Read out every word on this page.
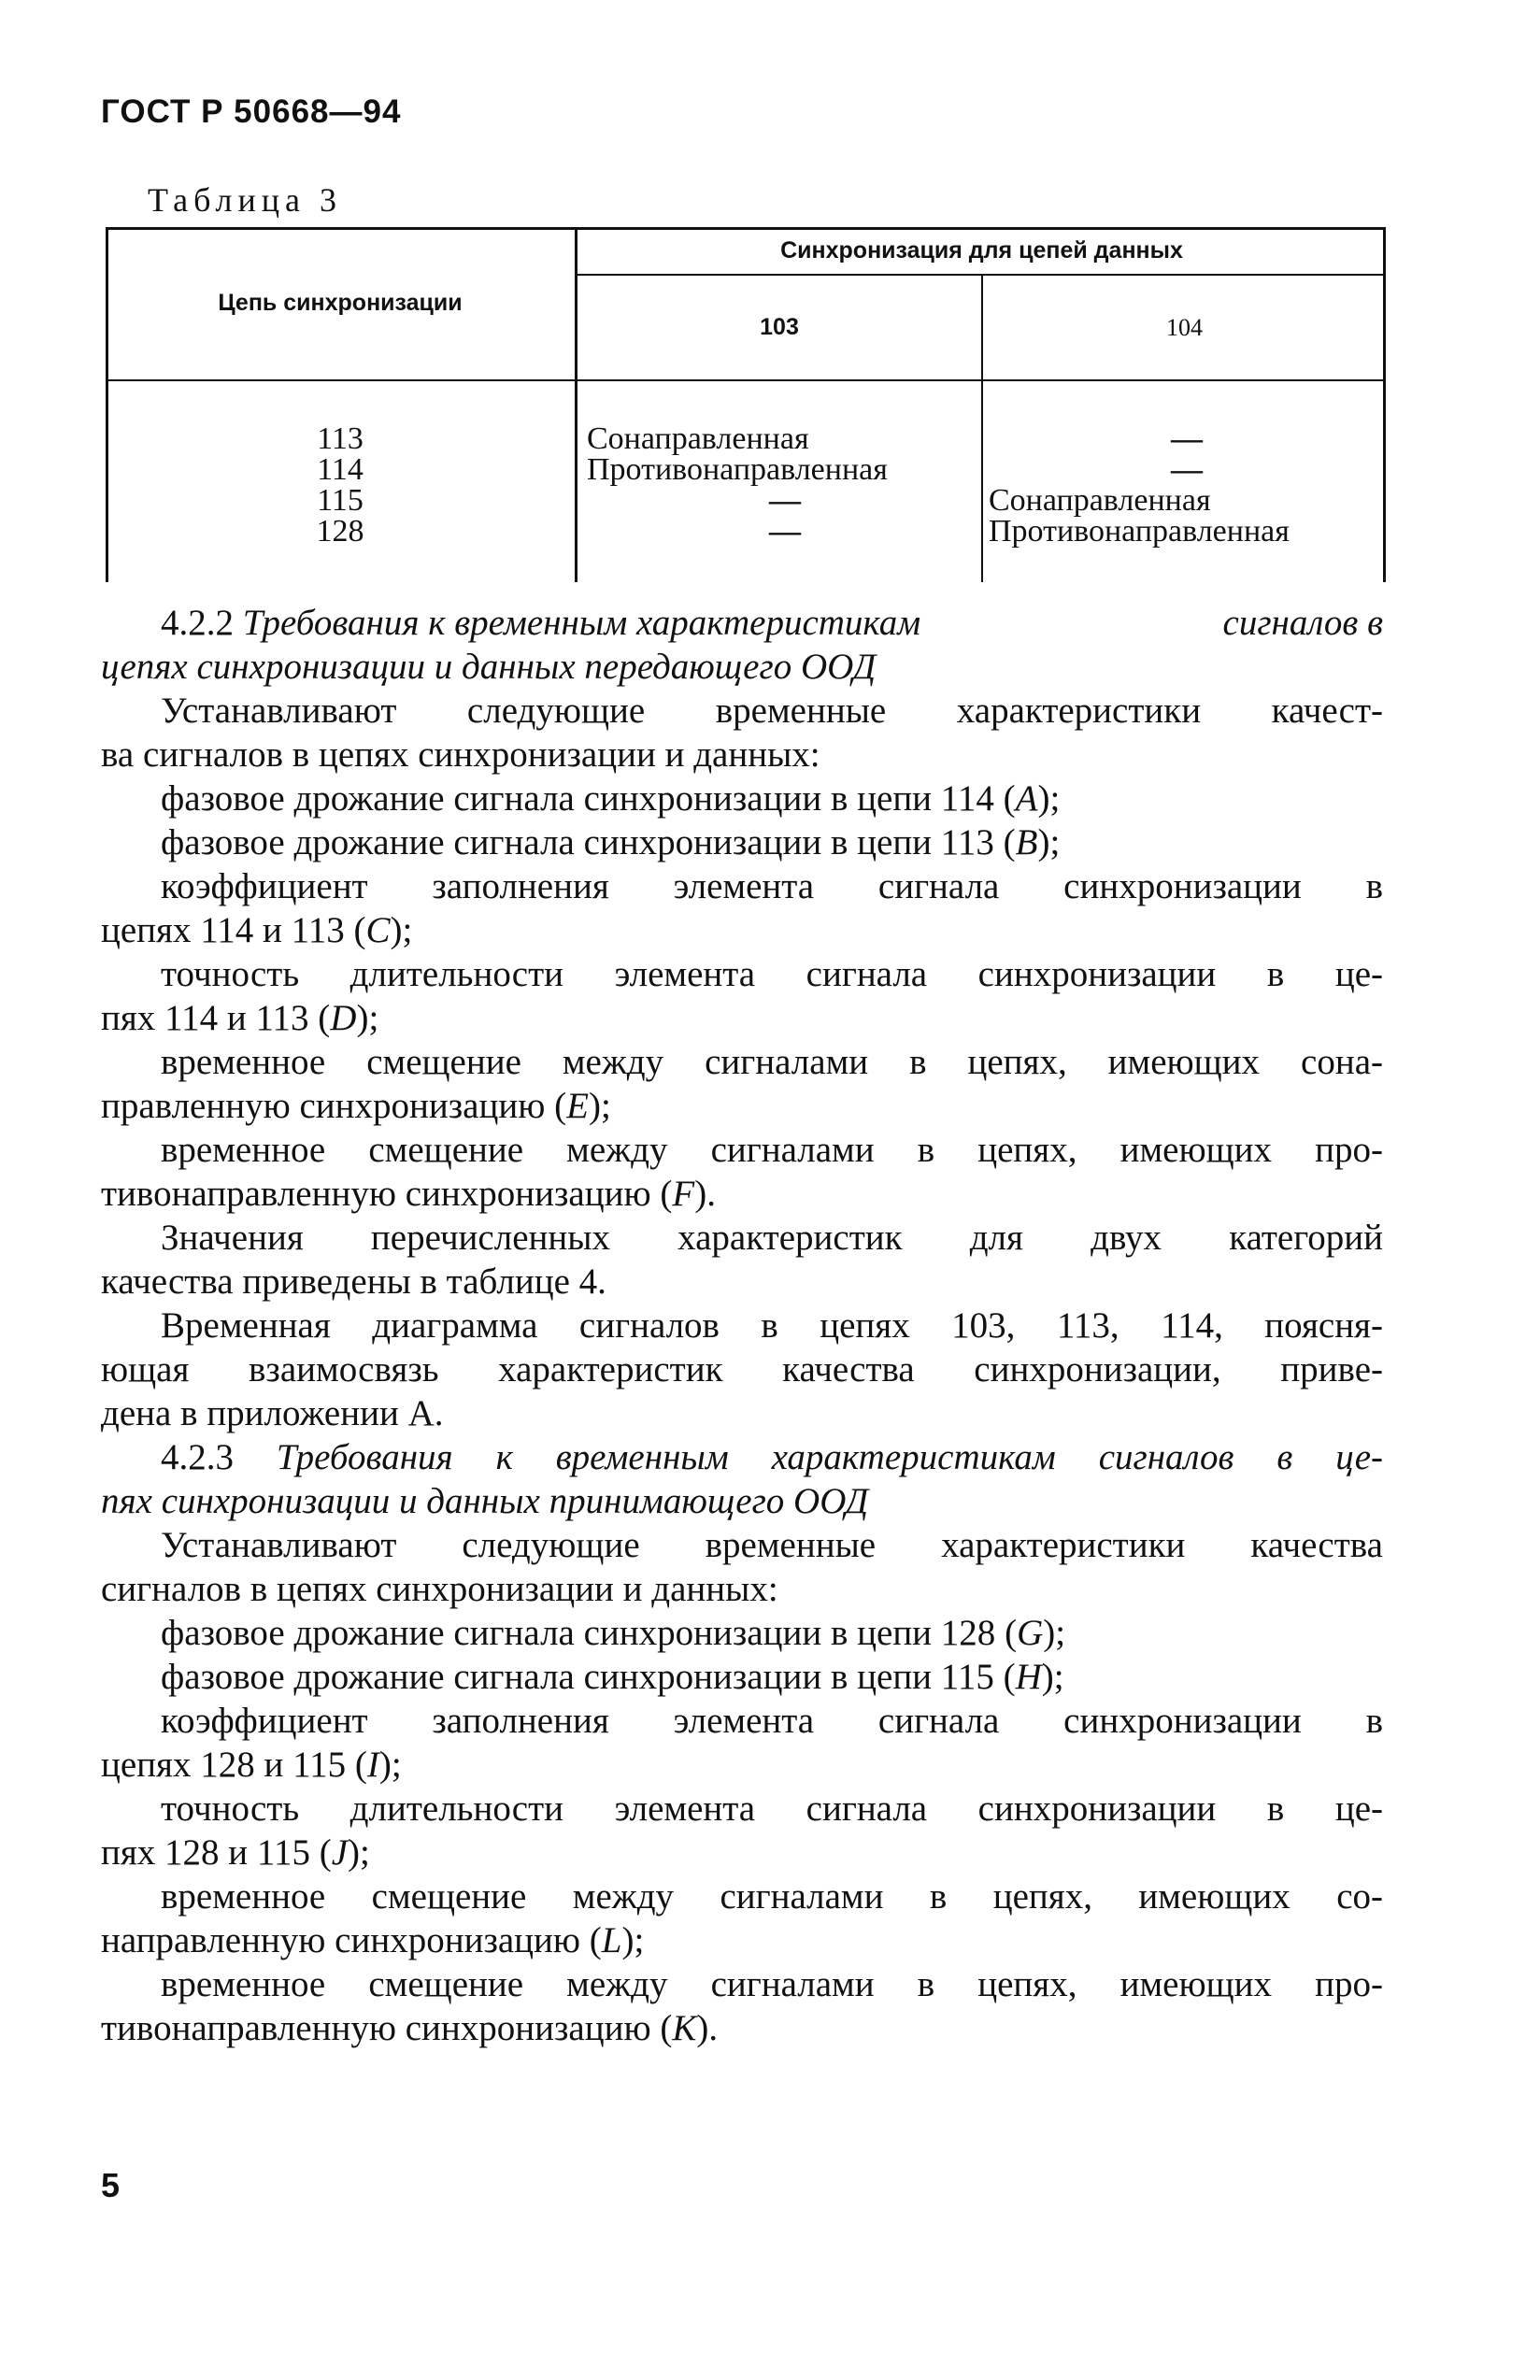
ГОСТ Р 50668—94
Таблица 3
Цепь синхронизации
Синхронизация для цепей данных
103	104
113
114
115
128
Сонаправленная
Противонаправленная
—
—
—
—
Сонаправленная
Противонаправленная
4.2.2 Требования к временным характеристикам	сигналов в
цепях синхронизации и данных передающего ООД
Устанавливают следующие временные характеристики качест-
ва сигналов в цепях синхронизации и данных:
фазовое дрожание сигнала синхронизации в цепи 114 (A);
фазовое дрожание сигнала синхронизации в цепи 113 (B);
коэффициент заполнения элемента сигнала синхронизации в
цепях 114 и 113 (C);
точность длительности элемента сигнала синхронизации в це-
пях 114 и 113 (D);
временное смещение между сигналами в цепях, имеющих сона-
правленную синхронизацию (E);
временное смещение между сигналами в цепях, имеющих про-
тивонаправленную синхронизацию (F).
Значения перечисленных характеристик для двух категорий
качества приведены в таблице 4.
Временная диаграмма сигналов в цепях 103, 113, 114, поясня-
ющая взаимосвязь характеристик качества синхронизации, приве-
дена в приложении А.
4.2.3 Требования к временным характеристикам сигналов в це-
пях синхронизации и данных принимающего ООД
Устанавливают следующие временные характеристики качества
сигналов в цепях синхронизации и данных:
фазовое дрожание сигнала синхронизации в цепи 128 (G);
фазовое дрожание сигнала синхронизации в цепи 115 (H);
коэффициент заполнения элемента сигнала синхронизации в
цепях 128 и 115 (I);
точность длительности элемента сигнала синхронизации в це-
пях 128 и 115 (J);
временное смещение между сигналами в цепях, имеющих со-
направленную синхронизацию (L);
временное смещение между сигналами в цепях, имеющих про-
тивонаправленную синхронизацию (K).
5
